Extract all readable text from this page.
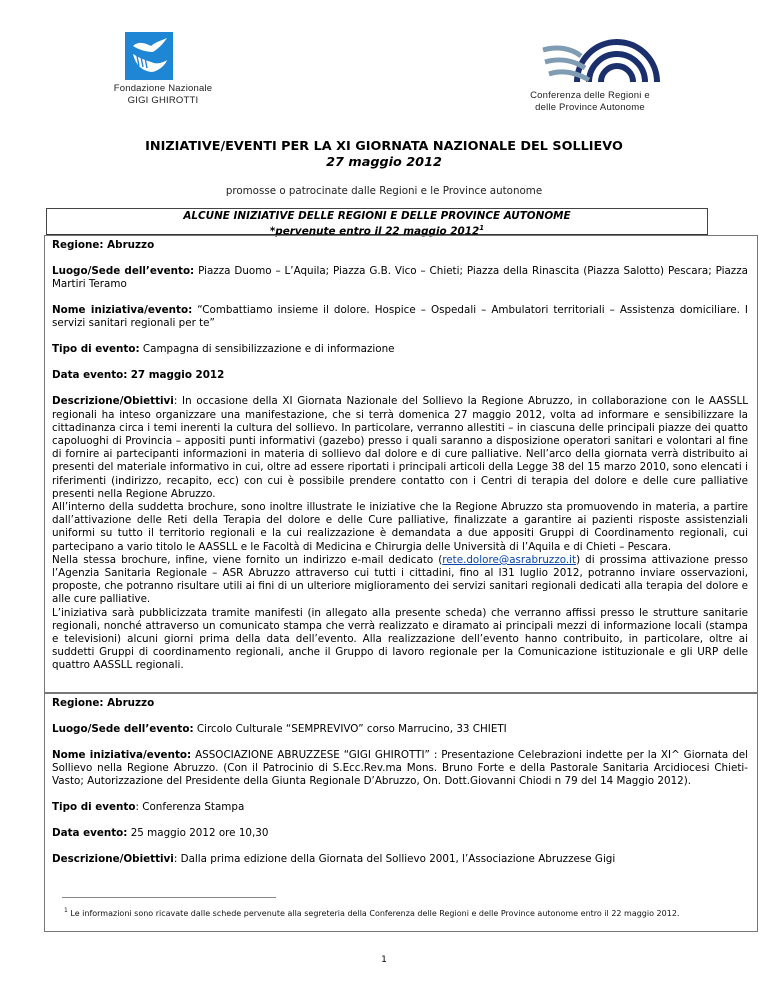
Fondazione Nazionale
GIGI GHIROTTI	Conferenza delle Regioni e
delle Province Autonome
INIZIATIVE/EVENTI PER LA XI GIORNATA NAZIONALE DEL SOLLIEVO
27 maggio 2012
promosse o patrocinate dalle Regioni e le Province autonome
ALCUNE INIZIATIVE DELLE REGIONI E DELLE PROVINCE AUTONOME
*pervenute entro il 22 maggio 2012$^1$

Regione: Abruzzo

Luogo/Sede dell’evento: Piazza Duomo – L’Aquila; Piazza G.B. Vico – Chieti; Piazza della Rinascita (Piazza Salotto) Pescara; Piazza Martiri Teramo

Nome iniziativa/evento: “Combattiamo insieme il dolore. Hospice – Ospedali – Ambulatori territoriali – Assistenza domiciliare. I servizi sanitari regionali per te”

Tipo di evento: Campagna di sensibilizzazione e di informazione

Data evento: 27 maggio 2012

Descrizione/Obiettivi: In occasione della XI Giornata Nazionale del Sollievo la Regione Abruzzo, in collaborazione con le AASSLL regionali ha inteso organizzare una manifestazione, che si terrà domenica 27 maggio 2012, volta ad informare e sensibilizzare la cittadinanza circa i temi inerenti la cultura del sollievo. In particolare, verranno allestiti – in ciascuna delle principali piazze dei quatto capoluoghi di Provincia – appositi punti informativi (gazebo) presso i quali saranno a disposizione operatori sanitari e volontari al fine di fornire ai partecipanti informazioni in materia di sollievo dal dolore e di cure palliative. Nell’arco della giornata verrà distribuito ai presenti del materiale informativo in cui, oltre ad essere riportati i principali articoli della Legge 38 del 15 marzo 2010, sono elencati i riferimenti (indirizzo, recapito, ecc) con cui è possibile prendere contatto con i Centri di terapia del dolore e delle cure palliative presenti nella Regione Abruzzo.

All’interno della suddetta brochure, sono inoltre illustrate le iniziative che la Regione Abruzzo sta promuovendo in materia, a partire dall’attivazione delle Reti della Terapia del dolore e delle Cure palliative, finalizzate a garantire ai pazienti risposte assistenziali uniformi su tutto il territorio regionali e la cui realizzazione è demandata a due appositi Gruppi di Coordinamento regionali, cui partecipano a vario titolo le AASSLL e le Facoltà di Medicina e Chirurgia delle Università di l’Aquila e di Chieti – Pescara.

Nella stessa brochure, infine, viene fornito un indirizzo e-mail dedicato (rete.dolore@asrabruzzo.it) di prossima attivazione presso l’Agenzia Sanitaria Regionale – ASR Abruzzo attraverso cui tutti i cittadini, fino al l31 luglio 2012, potranno inviare osservazioni, proposte, che potranno risultare utili ai fini di un ulteriore miglioramento dei servizi sanitari regionali dedicati alla terapia del dolore e alle cure palliative.

L’iniziativa sarà pubblicizzata tramite manifesti (in allegato alla presente scheda) che verranno affissi presso le strutture sanitarie regionali, nonché attraverso un comunicato stampa che verrà realizzato e diramato ai principali mezzi di informazione locali (stampa e televisioni) alcuni giorni prima della data dell’evento. Alla realizzazione dell’evento hanno contribuito, in particolare, oltre ai suddetti Gruppi di coordinamento regionali, anche il Gruppo di lavoro regionale per la Comunicazione istituzionale e gli URP delle quattro AASSLL regionali.

Regione: Abruzzo

Luogo/Sede dell’evento: Circolo Culturale “SEMPREVIVO” corso Marrucino, 33 CHIETI

Nome iniziativa/evento: ASSOCIAZIONE ABRUZZESE “GIGI GHIROTTI” : Presentazione Celebrazioni indette per la XI^ Giornata del Sollievo nella Regione Abruzzo. (Con il Patrocinio di S.Ecc.Rev.ma Mons. Bruno Forte e della Pastorale Sanitaria Arcidiocesi Chieti-Vasto; Autorizzazione del Presidente della Giunta Regionale D’Abruzzo, On. Dott.Giovanni Chiodi n 79 del 14 Maggio 2012).

Tipo di evento: Conferenza Stampa

Data evento: 25 maggio 2012 ore 10,30

Descrizione/Obiettivi: Dalla prima edizione della Giornata del Sollievo 2001, l’Associazione Abruzzese Gigi

$^1$ Le informazioni sono ricavate dalle schede pervenute alla segreteria della Conferenza delle Regioni e delle Province autonome entro il 22 maggio 2012.
1
